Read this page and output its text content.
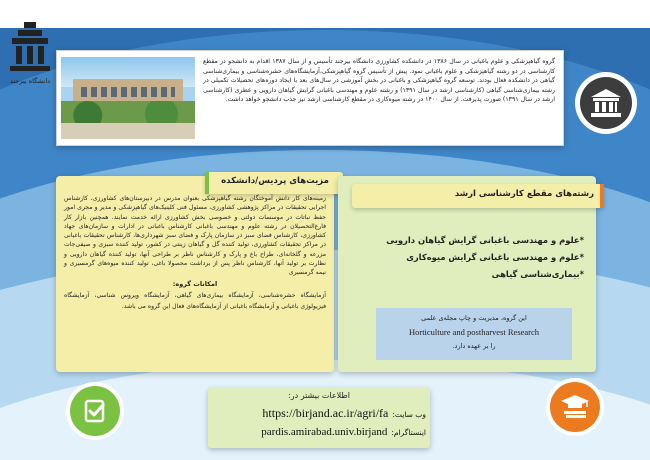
دانشگاه بیرجند
گروه گیاهپزشکی و علوم باغبانی در سال ۱۳۸۶ در دانشکده کشاورزی دانشگاه بیرجند تأسیس و از سال ۱۳۸۷ اقدام به دانشجو در مقطع کارشناسی در دو رشته گیاهپزشکی و علوم باغبانی نمود. پیش از تأسیس گروه گیاهپزشکی،آزمایشگاه‌های حشره‌شناسی و بیماری‌شناسی گیاهی در دانشکده فعال بودند. توسعه گروه گیاهپزشکی و باغبانی در بخش آموزشی در سال‌های بعد با ایجاد دوره‌های تحصیلات تکمیلی در رشته بیماری‌شناسی گیاهی (کارشناسی ارشد در سال ۱۳۹۱) و رشته علوم و مهندسی باغبانی گرایش گیاهان دارویی و عطری (کارشناسی ارشد در سال ۱۳۹۱) صورت پذیرفت. از سال ۱۴۰۰ در رشته میوه‌کاری در مقطع کارشناسی ارشد نیز جذب دانشجو خواهد داشت.
زمینه‌های کار دانش آموختگان رشته گیاهپزشکی بعنوان مدرس در دبیرستان‌های کشاورزی، کارشناس اجرایی تحقیقات در مراکز پژوهشی کشاورزی، مسئول فنی کلینیک‌های گیاهپزشکی و مدیر و مجری امور حفظ نباتات در موسسات دولتی و خصوصی بخش کشاورزی ارائه خدمت نمایند. همچنین بازار کار فارغ‌التحصیلان در رشته علوم و مهندسی باغبانی کارشناس باغبانی در ادارات و سازمان‌های جهاد کشاورزی، کارشناس فضای سبز در سازمان پارک و فضای سبز شهرداری‌ها، کارشناس تحقیقات باغبانی در مراکز تحقیقات کشاورزی، تولید کننده گل و گیاهان زینتی در کشور، تولید کننده سبزی و صیفی‌جات مزرعه و گلخانه‌ای، طراح باغ و پارک و کارشناس ناظر بر طراحی آنها، تولید کننده گیاهان دارویی و نظارت بر تولید آنها، کارشناس ناظر پس از برداشت محصولا باغی، تولید کننده میوه‌های گرمسیری و نیمه گرمسیری
امکانات گروه:
آزمایشگاه حشره‌شناسی، آزمایشگاه بیماری‌های گیاهی، آزمایشگاه ویروس شناسی، آزمایشگاه فیزیولوژی باغبانی و آزمایشگاه باغبانی از آزمایشگاه‌های فعال این گروه می باشد.
مزیت‌های پردیس/دانشکده
*علوم و مهندسی باغبانی گرایش گیاهان دارویی
*علوم و مهندسی باغبانی گرایش میوه‌کاری
*بیماری‌شناسی گیاهی
این گروه، مدیریت و چاپ مجله‌ی علمی
Horticulture and postharvest Research
را بر عهده دارد.
رشته‌های مقطع کارشناسی ارشد
اطلاعات بیشتر در:
https://birjand.ac.ir/agri/fa وب سایت:
pardis.amirabad.univ.birjand اینستاگرام:
